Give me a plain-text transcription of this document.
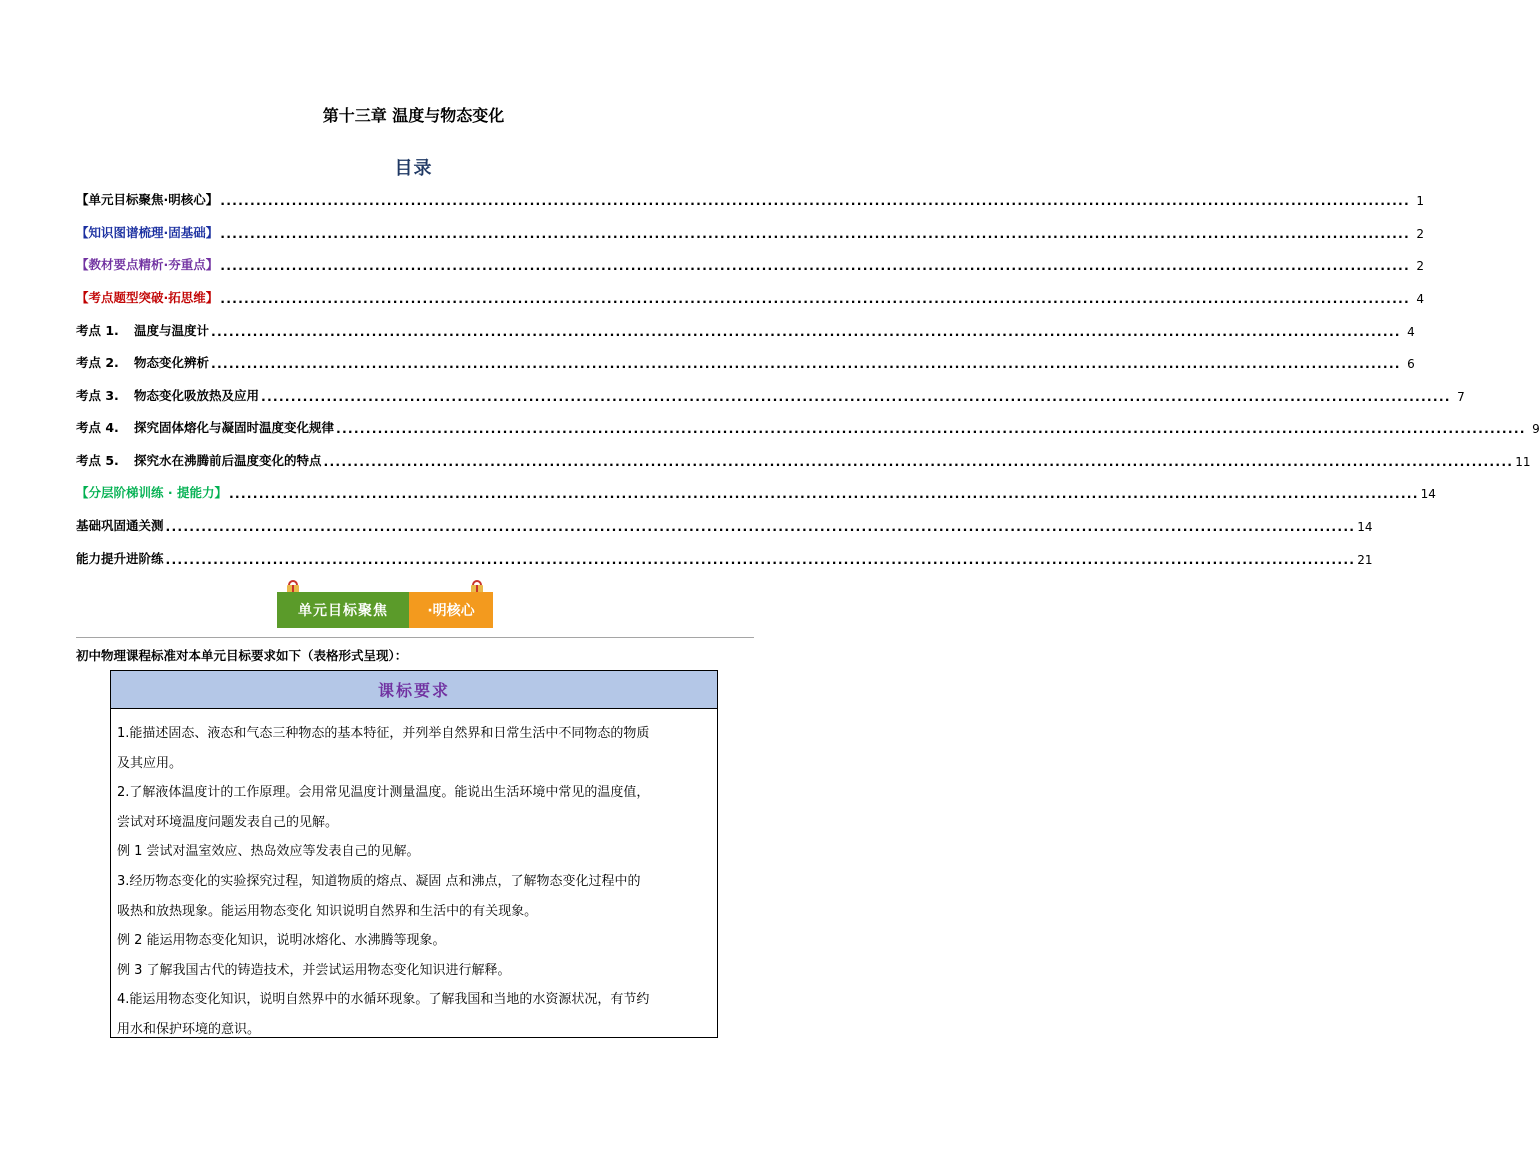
第十三章 温度与物态变化
目录
【单元目标聚焦·明核心】 ........................................................................................................................................................................................................ 1
【知识图谱梳理·固基础】 ........................................................................................................................................................................................................ 2
【教材要点精析·夯重点】 ........................................................................................................................................................................................................ 2
【考点题型突破·拓思维】 ........................................................................................................................................................................................................ 4
考点 1.	温度与温度计 ........................................................................................................................................................................................................ 4
考点 2.	物态变化辨析 ........................................................................................................................................................................................................ 6
考点 3.	物态变化吸放热及应用 ........................................................................................................................................................................................................ 7
考点 4.	探究固体熔化与凝固时温度变化规律 ........................................................................................................................................................................................................ 9
考点 5.	探究水在沸腾前后温度变化的特点 ........................................................................................................................................................................................................ 11
【分层阶梯训练 · 提能力】 ........................................................................................................................................................................................................ 14
基础巩固通关测 ........................................................................................................................................................................................................ 14
能力提升进阶练 ........................................................................................................................................................................................................ 21
单元目标聚焦	·明核心
初中物理课程标准对本单元目标要求如下（表格形式呈现）：
课标要求

1.能描述固态、液态和气态三种物态的基本特征，并列举自然界和日常生活中不同物态的物质

及其应用。

2.了解液体温度计的工作原理。会用常见温度计测量温度。能说出生活环境中常见的温度值，

尝试对环境温度问题发表自己的见解。

例 1 尝试对温室效应、热岛效应等发表自己的见解。

3.经历物态变化的实验探究过程，知道物质的熔点、凝固 点和沸点，了解物态变化过程中的

吸热和放热现象。能运用物态变化 知识说明自然界和生活中的有关现象。

例 2 能运用物态变化知识，说明冰熔化、水沸腾等现象。

例 3 了解我国古代的铸造技术，并尝试运用物态变化知识进行解释。

4.能运用物态变化知识，说明自然界中的水循环现象。了解我国和当地的水资源状况，有节约

用水和保护环境的意识。
